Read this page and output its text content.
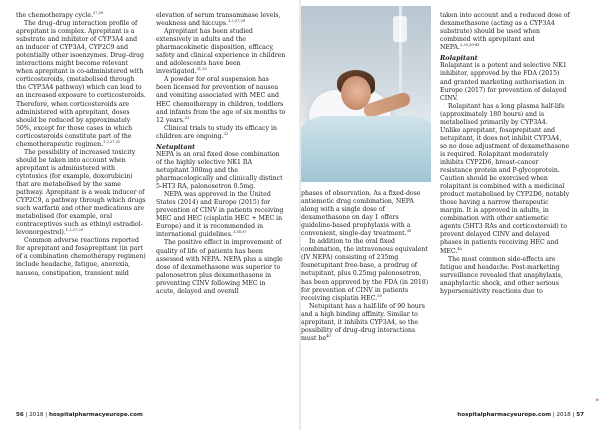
the chemotherapy cycle.$^{27,29}$

The drug–drug interaction profile of aprepitant is complex. Aprepitant is a substrate and inhibitor of CYP3A4 and an inducer of CYP3A4, CYP2C9 and potentially other isoenzymes. Drug–drug interactions might become relevant when aprepitant is co-administered with corticosteroids, (metabolised through the CYP3A4 pathway) which can lead to an increased exposure to corticosteroids. Therefore, when corticosteroids are administered with aprepitant, doses should be reduced by approximately 50%, except for those cases in which corticosteroids constitute part of the chemotherapeutic regimen.$^{1,2,27,31}$

The possibility of increased toxicity should be taken into account when aprepitant is administered with cytotoxics (for example, doxorubicin) that are metabolised by the same pathway. Aprepitant is a weak inducer of CYP2C9, a pathway through which drugs such warfarin and other medications are metabolised (for example, oral contraceptives such as ethinyl estradiol-levonorgestrel).$^{1,2,27,29}$

Common adverse reactions reported for aprepitant and fosaprepitant (in part of a combination chemotherapy regimen) include headache, fatigue, anorexia, nausea, constipation, transient mild

elevation of serum transaminase levels, weakness and hiccups.$^{1,2,27,29}$

Aprepitant has been studied extensively in adults and the pharmacokinetic disposition, efficacy, safety and clinical experience in children and adolescents have been investigated.$^{31,32}$

A powder for oral suspension has been licensed for prevention of nausea and vomiting associated with MEC and HEC chemotherapy in children, toddlers and infants from the age of six months to 12 years.$^{33}$

Clinical trials to study its efficacy in children are ongoing.$^{32}$

Netupitant

NEPA is an oral fixed dose combination of the highly selective NK1 RA netupitant 300mg and the pharmacologically and clinically distinct 5-HT3 RA, palonosetron 0.5mg.

NEPA was approved in the United States (2014) and Europe (2015) for prevention of CINV in patients receiving MEC and HEC (cisplatin HEC + MEC in Europe) and it is recommended in international guidelines.$^{3,34-37}$

The positive effect in improvement of quality of life of patients has been assessed with NEPA. NEPA plus a single dose of dexamethasone was superior to palonosetron plus dexamethasone in preventing CINV following MEC in acute, delayed and overall

56 | 2018 | hospitalpharmacyeurope.com

phases of observation. As a fixed-dose antiemetic drug combination, NEPA along with a single dose of dexamethasone on day 1 offers guideline-based prophylaxis with a convenient, single-day treatment.$^{38}$

In addition to the oral fixed combination, the intravenous equivalent (IV NEPA) consisting of 235mg fosnetupitant free-base, a prodrug of netupitant, plus 0.25mg palonosetron, has been approved by the FDA (in 2018) for prevention of CINV in patients receiving cisplatin HEC.$^{39}$

Netupitant has a half-life of 90 hours and a high binding affinity. Similar to aprepitant, it inhibits CYP3A4, so the possibility of drug–drug interactions must $be^{40}$

taken into account and a reduced dose of dexamethasone (acting as a CYP3A4 substrate) should be used when combined with aprepitant and NEPA.$^{2,33,39-43}$

Rolapitant

Rolapitant is a potent and selective NK1 inhibitor, approved by the FDA (2015) and granted marketing authorisation in Europe (2017) for prevention of delayed CINV.

Rolapitant has a long plasma half-life (approximately 180 hours) and is metabolised primarily by CYP3A4. Unlike aprepitant, fosaprepitant and netupitant, it does not inhibit CYP3A4, so no dose adjustment of dexamethasone is required. Rolapitant moderately inhibits CYP2D6, breast-cancer resistance protein and P-glycoprotein. Caution should be exercised when rolapitant is combined with a medicinal product metabolised by CYP2D6, notably those having a narrow therapeutic margin. It is approved in adults, in combination with other antiemetic agents (5HT3 RAs and corticosteroid) to prevent delayed CINV and delayed phases in patients receiving HEC and MEC.$^{40}$

The most common side-effects are fatigue and headache. Post-marketing surveillance revealed that anaphylaxis, anaphylactic shock, and other serious hypersensitivity reactions due to

hospitalpharmacyeurope.com | 2018 | 57
»
